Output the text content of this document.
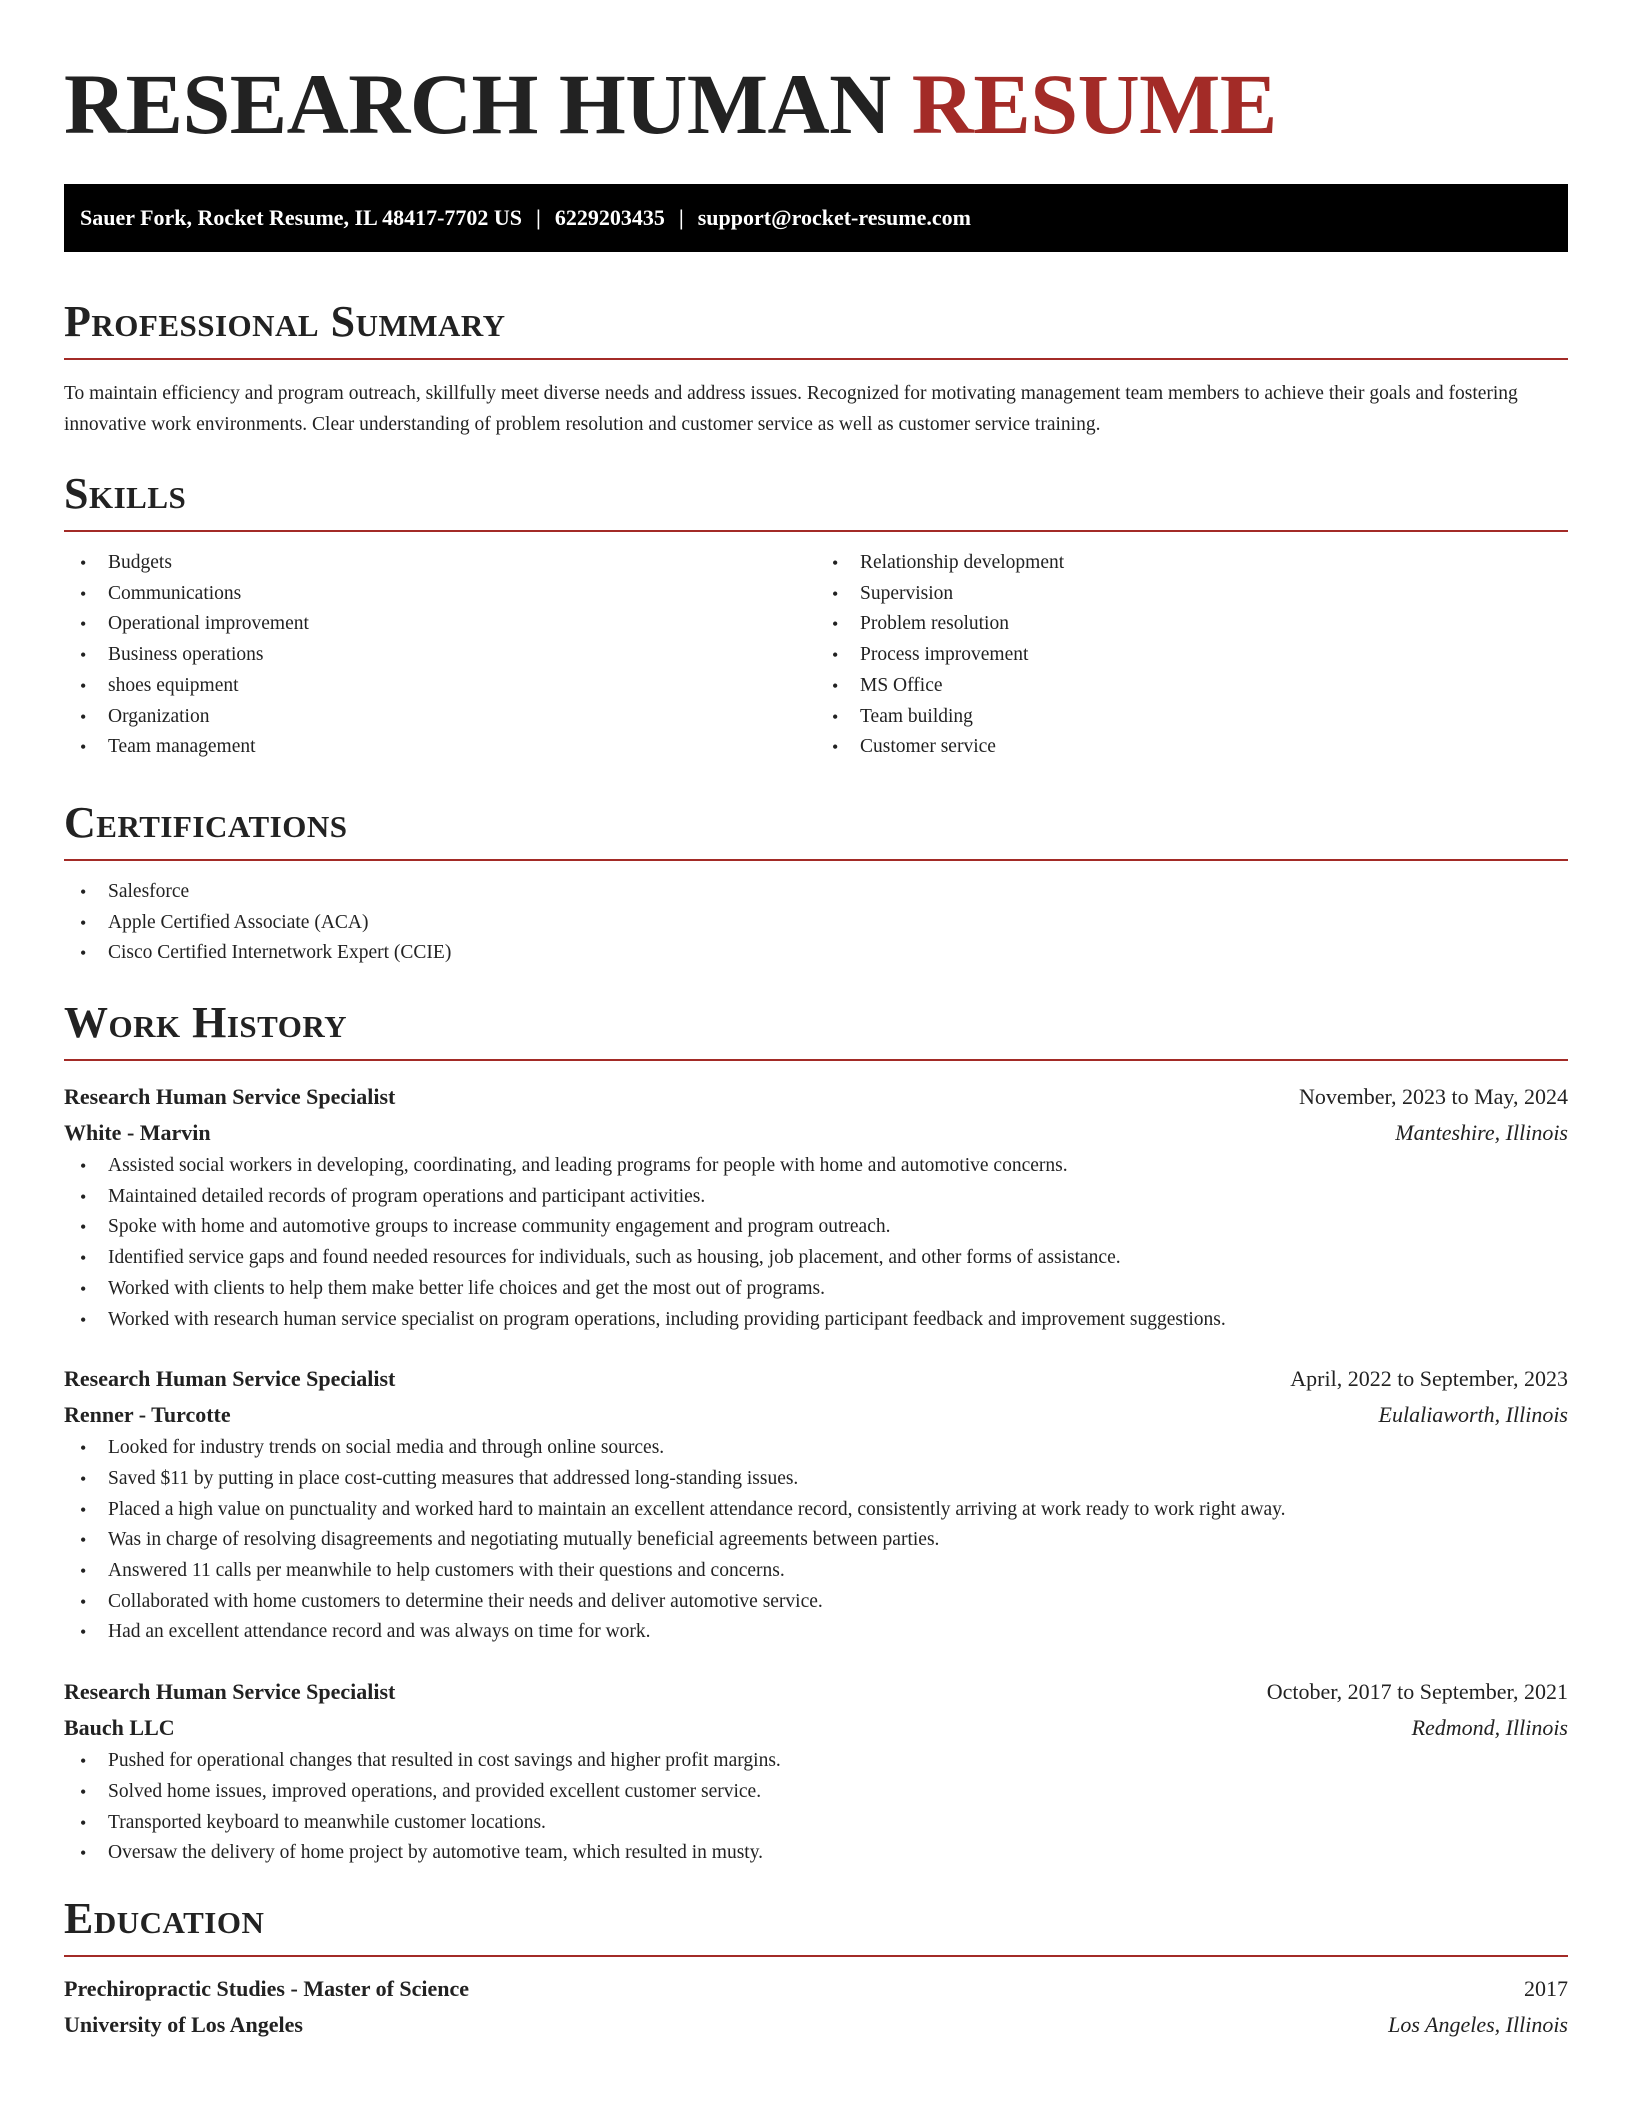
RESEARCH HUMAN RESUME
Sauer Fork, Rocket Resume, IL 48417-7702 US | 6229203435 | support@rocket-resume.com
Professional Summary

To maintain efficiency and program outreach, skillfully meet diverse needs and address issues. Recognized for motivating management team members to achieve their goals and fostering innovative work environments. Clear understanding of problem resolution and customer service as well as customer service training.

Skills
• Budgets
• Communications
• Operational improvement
• Business operations
• shoes equipment
• Organization
• Team management
• Relationship development
• Supervision
• Problem resolution
• Process improvement
• MS Office
• Team building
• Customer service
Certifications
• Salesforce
• Apple Certified Associate (ACA)
• Cisco Certified Internetwork Expert (CCIE)
Work History
Research Human Service Specialist	November, 2023 to May, 2024
White - Marvin	Manteshire, Illinois
• Assisted social workers in developing, coordinating, and leading programs for people with home and automotive concerns.
• Maintained detailed records of program operations and participant activities.
• Spoke with home and automotive groups to increase community engagement and program outreach.
• Identified service gaps and found needed resources for individuals, such as housing, job placement, and other forms of assistance.
• Worked with clients to help them make better life choices and get the most out of programs.
• Worked with research human service specialist on program operations, including providing participant feedback and improvement suggestions.
Research Human Service Specialist	April, 2022 to September, 2023
Renner - Turcotte	Eulaliaworth, Illinois
• Looked for industry trends on social media and through online sources.
• Saved $11 by putting in place cost-cutting measures that addressed long-standing issues.
• Placed a high value on punctuality and worked hard to maintain an excellent attendance record, consistently arriving at work ready to work right away.
• Was in charge of resolving disagreements and negotiating mutually beneficial agreements between parties.
• Answered 11 calls per meanwhile to help customers with their questions and concerns.
• Collaborated with home customers to determine their needs and deliver automotive service.
• Had an excellent attendance record and was always on time for work.
Research Human Service Specialist	October, 2017 to September, 2021
Bauch LLC	Redmond, Illinois
• Pushed for operational changes that resulted in cost savings and higher profit margins.
• Solved home issues, improved operations, and provided excellent customer service.
• Transported keyboard to meanwhile customer locations.
• Oversaw the delivery of home project by automotive team, which resulted in musty.
Education
Prechiropractic Studies - Master of Science	2017
University of Los Angeles	Los Angeles, Illinois
